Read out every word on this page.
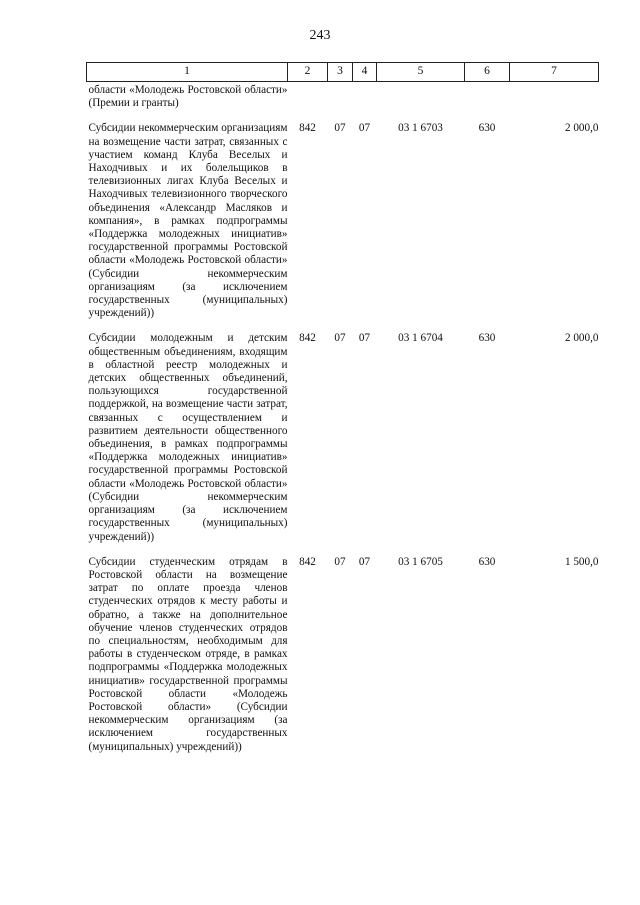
243
1	2	3	4	5	6	7
области «Молодежь Ростовской области» (Премии и гранты)						
Субсидии некоммерческим организациям на возмещение части затрат, связанных с участием команд Клуба Веселых и Находчивых и их болельщиков в телевизионных лигах Клуба Веселых и Находчивых телевизионного творческого объединения «Александр Масляков и компания», в рамках подпрограммы «Поддержка молодежных инициатив» государственной программы Ростовской области «Молодежь Ростовской области» (Субсидии некоммерческим организациям (за исключением государственных (муниципальных) учреждений))	842	07	07	03 1 6703	630	2 000,0
Субсидии молодежным и детским общественным объединениям, входящим в областной реестр молодежных и детских общественных объединений, пользующихся государственной поддержкой, на возмещение части затрат, связанных с осуществлением и развитием деятельности общественного объединения, в рамках подпрограммы «Поддержка молодежных инициатив» государственной программы Ростовской области «Молодежь Ростовской области» (Субсидии некоммерческим организациям (за исключением государственных (муниципальных) учреждений))	842	07	07	03 1 6704	630	2 000,0
Субсидии студенческим отрядам в Ростовской области на возмещение затрат по оплате проезда членов студенческих отрядов к месту работы и обратно, а также на дополнительное обучение членов студенческих отрядов по специальностям, необходимым для работы в студенческом отряде, в рамках подпрограммы «Поддержка молодежных инициатив» государственной программы Ростовской области «Молодежь Ростовской области» (Субсидии некоммерческим организациям (за исключением государственных (муниципальных) учреждений))	842	07	07	03 1 6705	630	1 500,0
